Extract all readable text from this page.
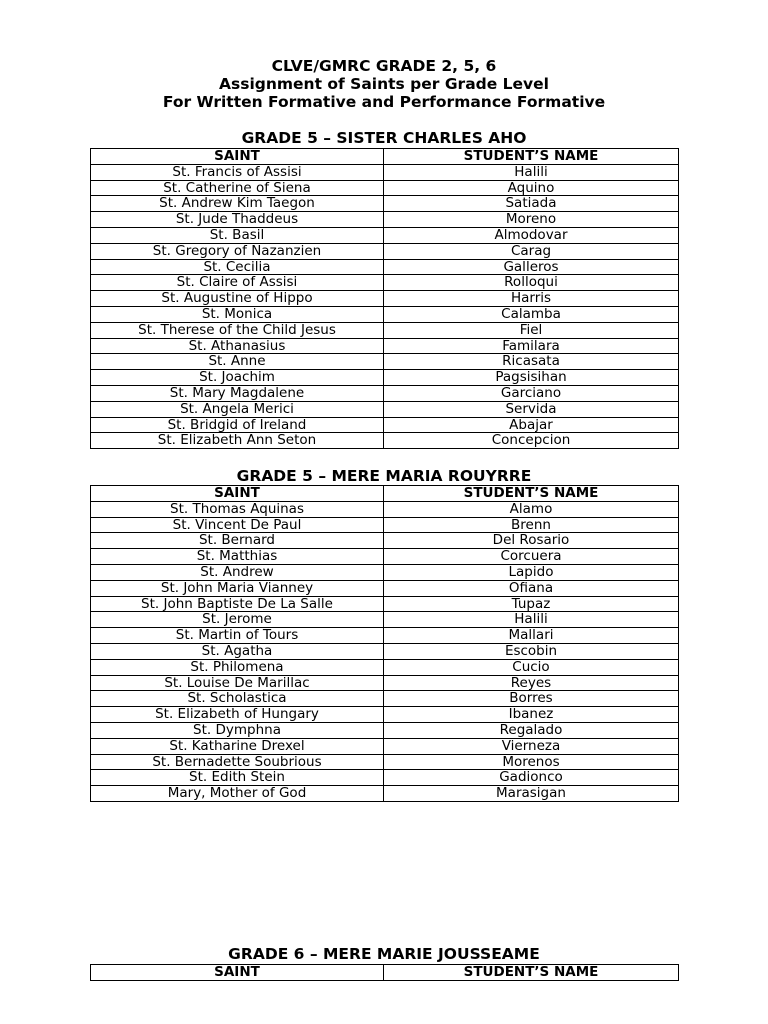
CLVE/GMRC GRADE 2, 5, 6
Assignment of Saints per Grade Level
For Written Formative and Performance Formative
GRADE 5 – SISTER CHARLES AHO
SAINT	STUDENT’S NAME
St. Francis of Assisi	Halili
St. Catherine of Siena	Aquino
St. Andrew Kim Taegon	Satiada
St. Jude Thaddeus	Moreno
St. Basil	Almodovar
St. Gregory of Nazanzien	Carag
St. Cecilia	Galleros
St. Claire of Assisi	Rolloqui
St. Augustine of Hippo	Harris
St. Monica	Calamba
St. Therese of the Child Jesus	Fiel
St. Athanasius	Familara
St. Anne	Ricasata
St. Joachim	Pagsisihan
St. Mary Magdalene	Garciano
St. Angela Merici	Servida
St. Bridgid of Ireland	Abajar
St. Elizabeth Ann Seton	Concepcion
GRADE 5 – MERE MARIA ROUYRRE
SAINT	STUDENT’S NAME
St. Thomas Aquinas	Alamo
St. Vincent De Paul	Brenn
St. Bernard	Del Rosario
St. Matthias	Corcuera
St. Andrew	Lapido
St. John Maria Vianney	Ofiana
St. John Baptiste De La Salle	Tupaz
St. Jerome	Halili
St. Martin of Tours	Mallari
St. Agatha	Escobin
St. Philomena	Cucio
St. Louise De Marillac	Reyes
St. Scholastica	Borres
St. Elizabeth of Hungary	Ibanez
St. Dymphna	Regalado
St. Katharine Drexel	Vierneza
St. Bernadette Soubrious	Morenos
St. Edith Stein	Gadionco
Mary, Mother of God	Marasigan
GRADE 6 – MERE MARIE JOUSSEAME
SAINT	STUDENT’S NAME
